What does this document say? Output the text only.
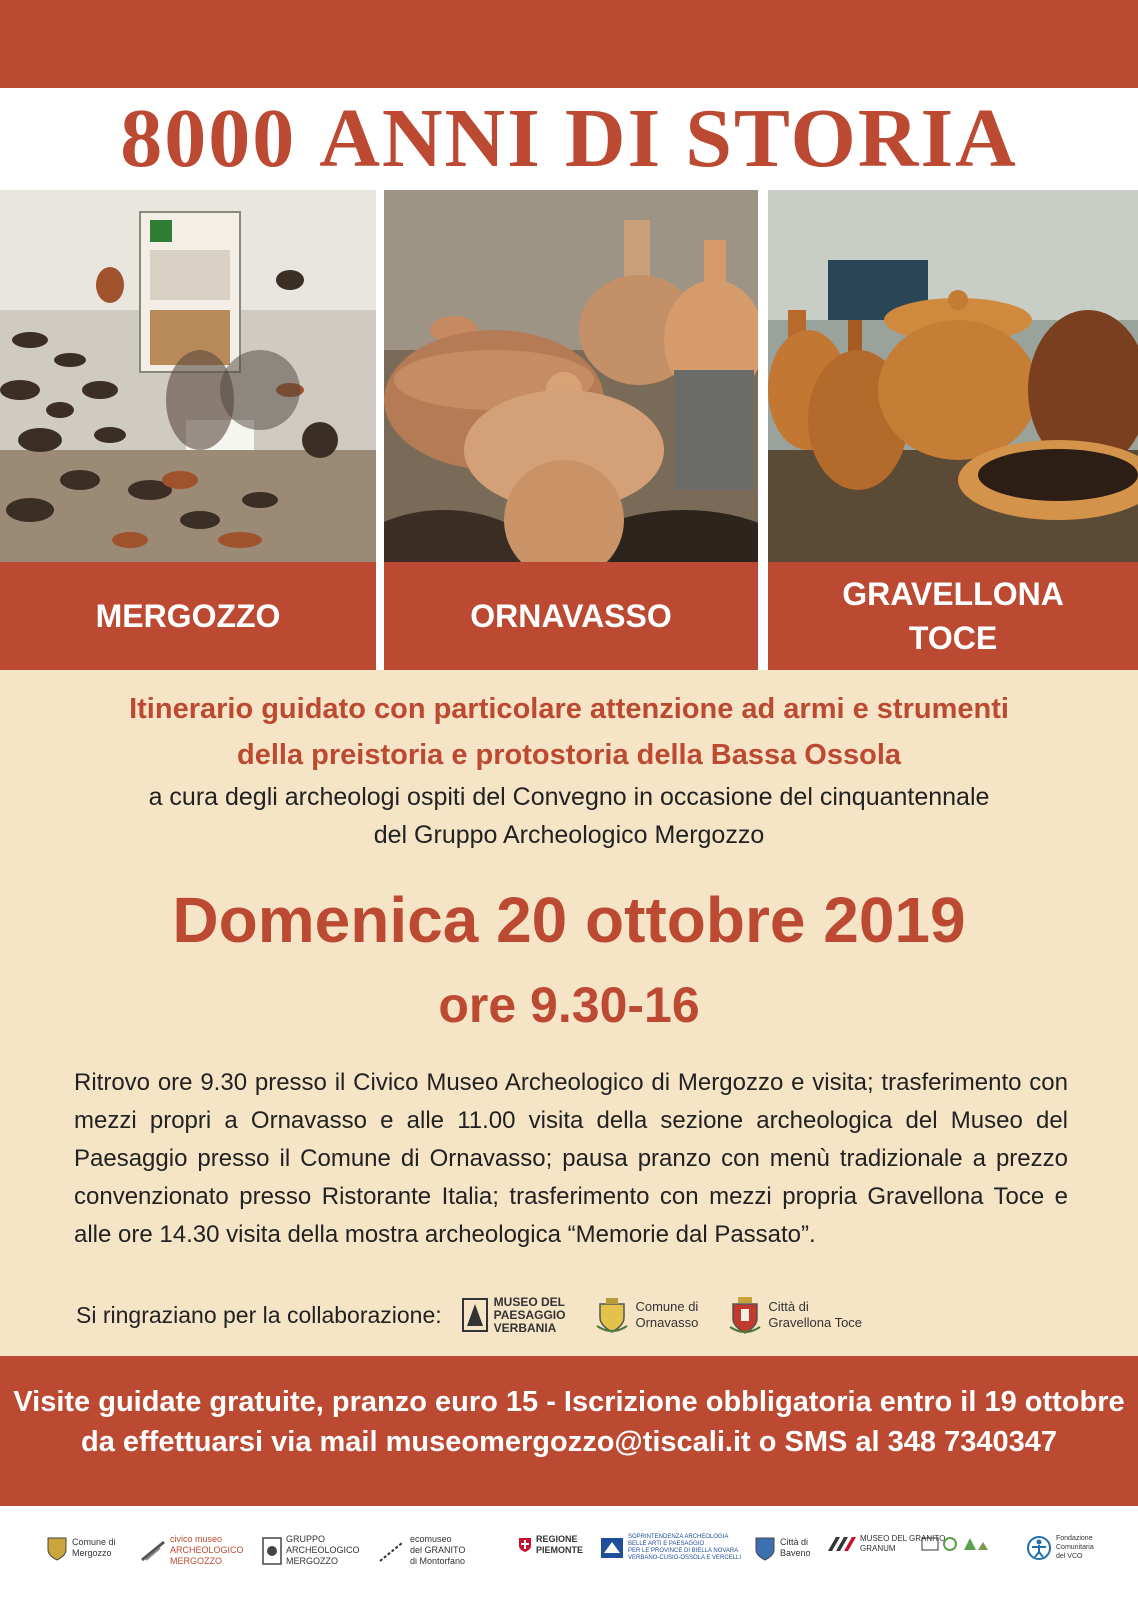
8000 ANNI DI STORIA
MERGOZZO	ORNAVASSO
GRAVELLONA
TOCE
Itinerario guidato con particolare attenzione ad armi e strumenti
della preistoria e protostoria della Bassa Ossola
a cura degli archeologi ospiti del Convegno in occasione del cinquantennale
del Gruppo Archeologico Mergozzo
Domenica 20 ottobre 2019
ore 9.30-16

Ritrovo ore 9.30 presso il Civico Museo Archeologico di Mergozzo e visita; trasferimento con mezzi propri a Ornavasso e alle 11.00 visita della sezione archeologica del Museo del Paesaggio presso il Comune di Ornavasso; pausa pranzo con menù tradizionale a prezzo convenzionato presso Ristorante Italia; trasferimento con mezzi propria Gravellona Toce e alle ore 14.30 visita della mostra archeologica “Memorie dal Passato”.

Si ringraziano per la collaborazione:	MUSEO DEL
PAESAGGIO
VERBANIA
Comune di
Ornavasso
Città di
Gravellona Toce
Visite guidate gratuite, pranzo euro 15 - Iscrizione obbligatoria entro il 19 ottobre
da effettuarsi via mail museomergozzo@tiscali.it o SMS al 348 7340347
Comune di
Mergozzo
civico museo
ARCHEOLOGICO
MERGOZZO
GRUPPO
ARCHEOLOGICO
MERGOZZO
ecomuseo
del GRANITO
di Montorfano
REGIONE
PIEMONTE
SOPRINTENDENZA ARCHEOLOGIA
BELLE ARTI E PAESAGGIO
PER LE PROVINCE DI BIELLA NOVARA
VERBANO-CUSIO-OSSOLA E VERCELLI
Città di
Baveno
MUSEO DEL GRANITO
GRANUM
Fondazione
Comunitaria
del VCO
